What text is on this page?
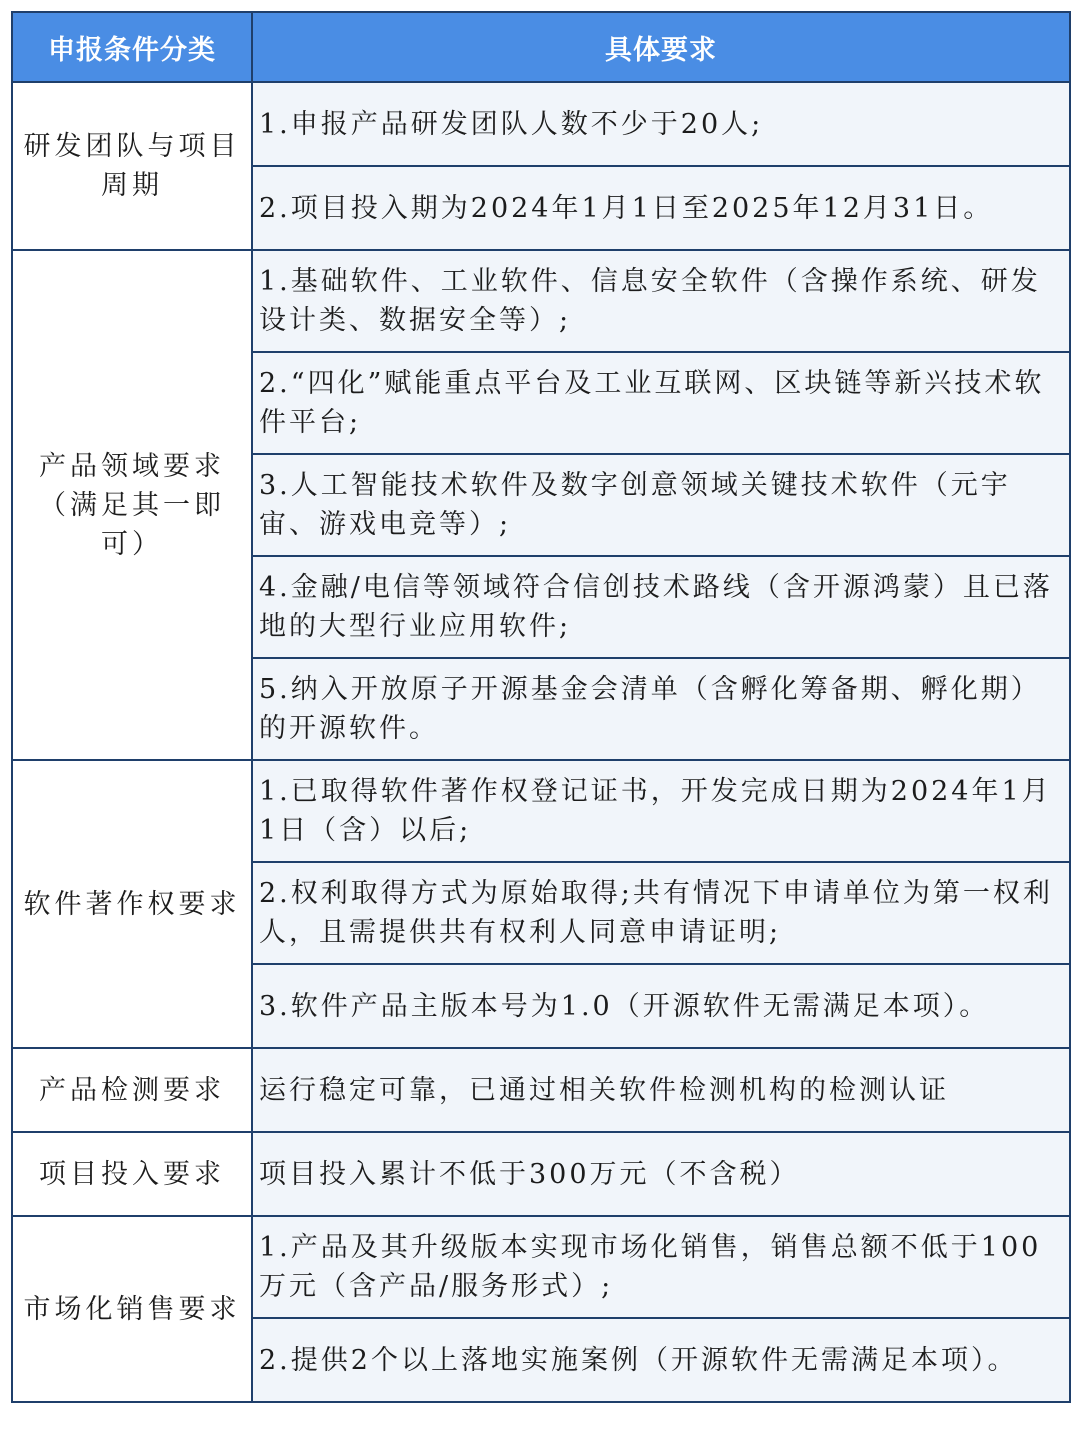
申报条件分类	具体要求
研发团队与项目周期	1.申报产品研发团队人数不少于20人;
	2.项目投入期为2024年1月1日至2025年12月31日。
产品领域要求（满足其一即可）	1.基础软件、工业软件、信息安全软件（含操作系统、研发设计类、数据安全等）;
	2.“四化”赋能重点平台及工业互联网、区块链等新兴技术软件平台;
	3.人工智能技术软件及数字创意领域关键技术软件（元宇宙、游戏电竞等）;
	4.金融/电信等领域符合信创技术路线（含开源鸿蒙）且已落地的大型行业应用软件;
	5.纳入开放原子开源基金会清单（含孵化筹备期、孵化期）的开源软件。
软件著作权要求	1.已取得软件著作权登记证书，开发完成日期为2024年1月1日（含）以后;
	2.权利取得方式为原始取得;共有情况下申请单位为第一权利人，且需提供共有权利人同意申请证明;
	3.软件产品主版本号为1.0（开源软件无需满足本项）。
产品检测要求	运行稳定可靠，已通过相关软件检测机构的检测认证
项目投入要求	项目投入累计不低于300万元（不含税）
市场化销售要求	1.产品及其升级版本实现市场化销售，销售总额不低于100万元（含产品/服务形式）;
	2.提供2个以上落地实施案例（开源软件无需满足本项）。
